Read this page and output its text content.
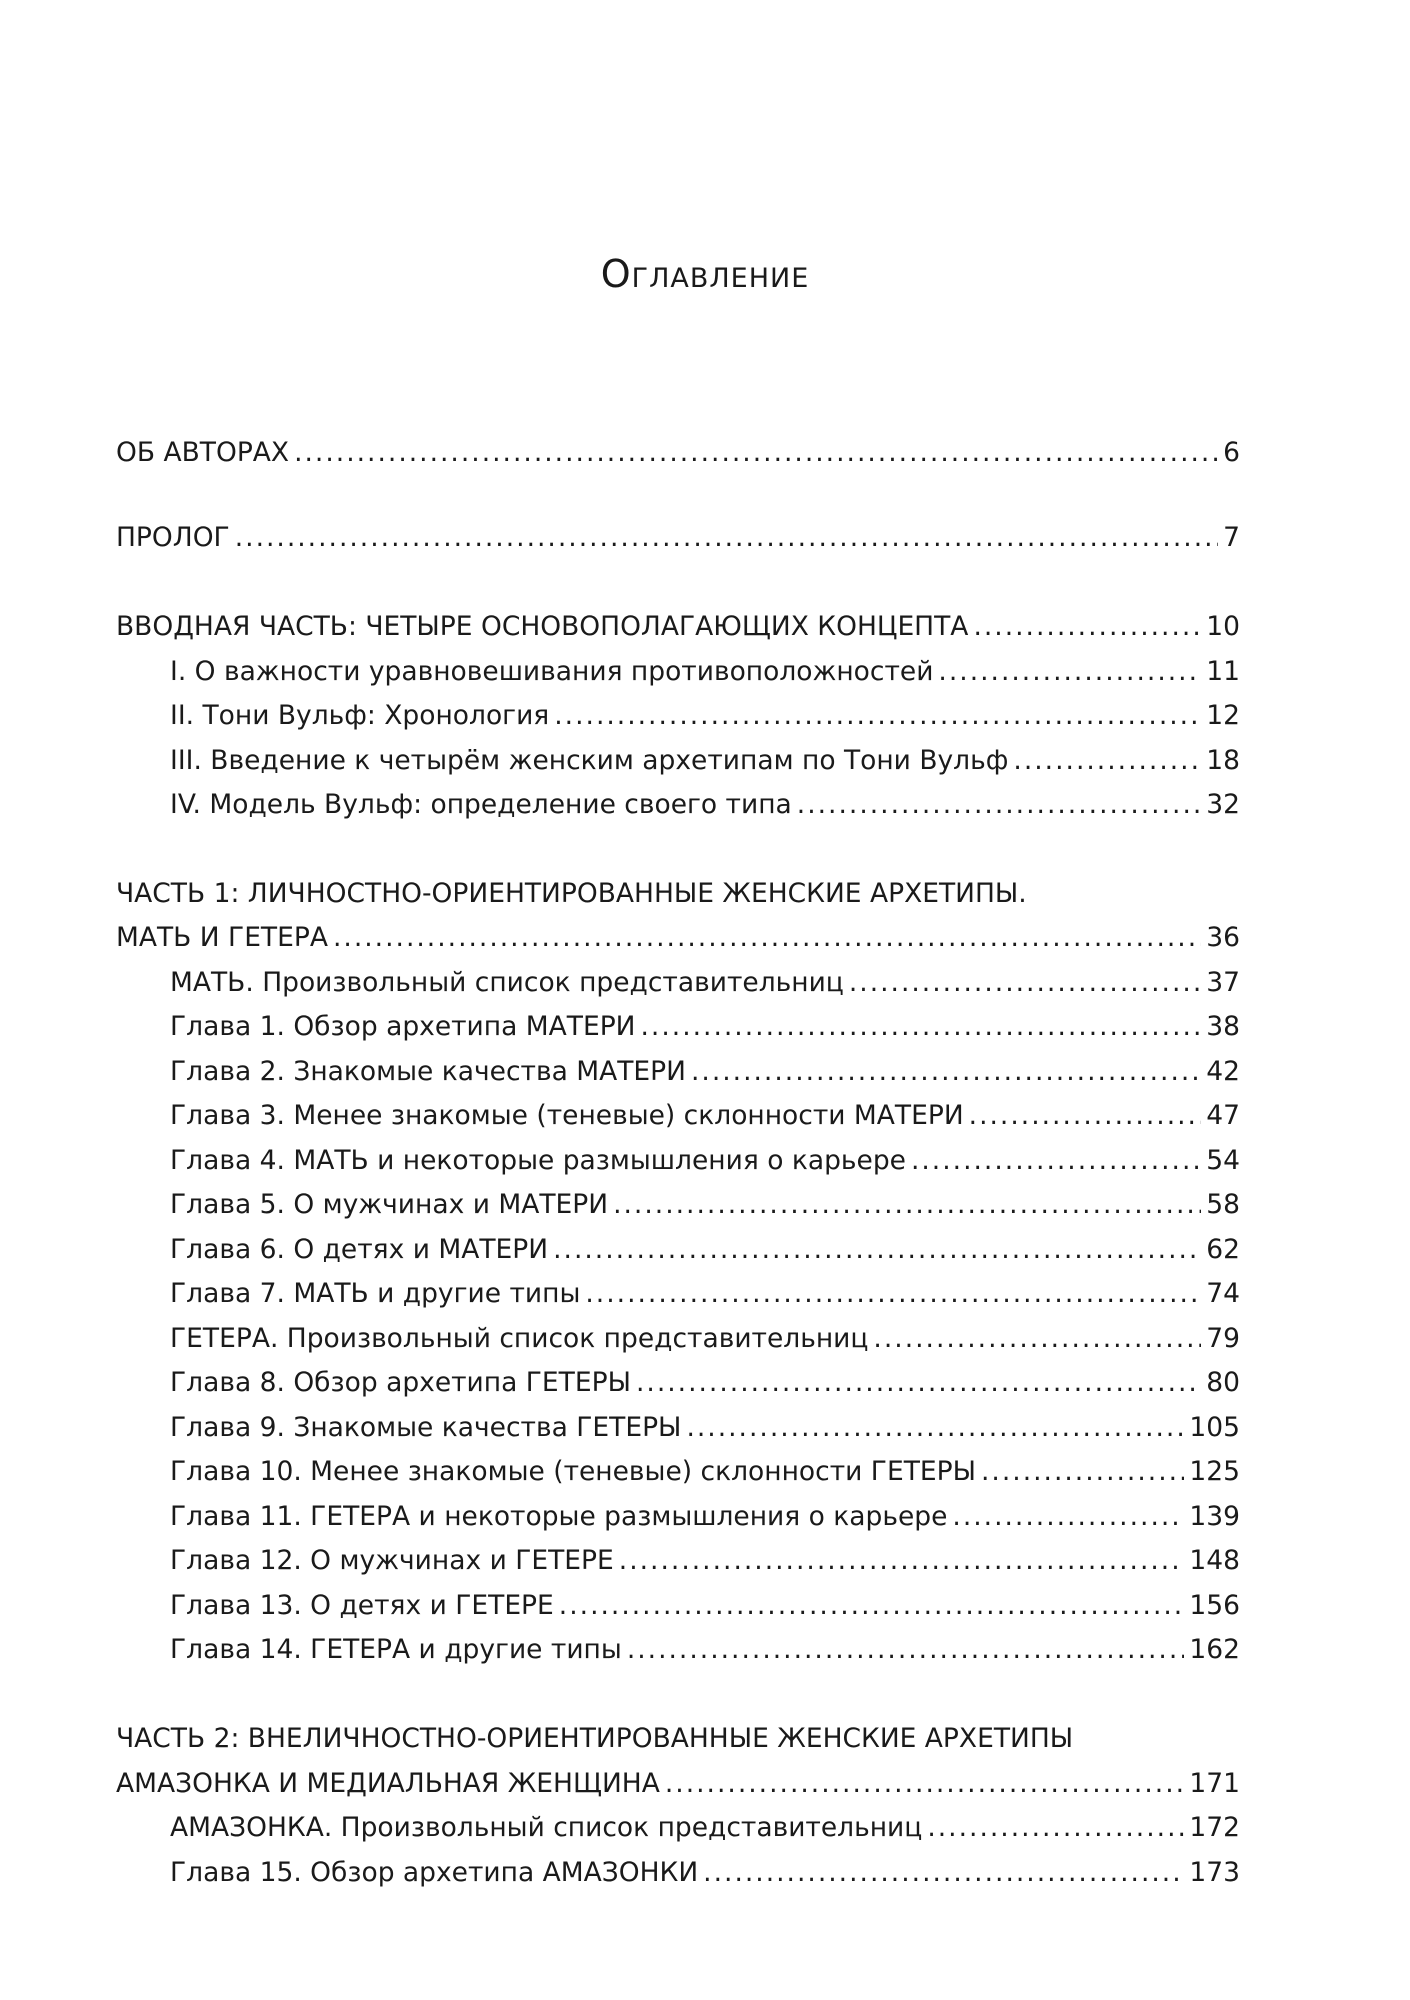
Оглавление
ОБ АВТОРАХ .....	6
ПРОЛОГ .....	7
ВВОДНАЯ ЧАСТЬ: ЧЕТЫРЕ ОСНОВОПОЛАГАЮЩИХ КОНЦЕПТА .....	10
I. О важности уравновешивания противоположностей .....	11
II. Тони Вульф: Хронология .....	12
III. Введение к четырём женским архетипам по Тони Вульф .....	18
IV. Модель Вульф: определение своего типа .....	32
ЧАСТЬ 1: ЛИЧНОСТНО-ОРИЕНТИРОВАННЫЕ ЖЕНСКИЕ АРХЕТИПЫ.
МАТЬ И ГЕТЕРА .....	36
МАТЬ. Произвольный список представительниц .....	37
Глава 1. Обзор архетипа МАТЕРИ .....	38
Глава 2. Знакомые качества МАТЕРИ .....	42
Глава 3. Менее знакомые (теневые) склонности МАТЕРИ .....	47
Глава 4. МАТЬ и некоторые размышления о карьере .....	54
Глава 5. О мужчинах и МАТЕРИ .....	58
Глава 6. О детях и МАТЕРИ .....	62
Глава 7. МАТЬ и другие типы .....	74
ГЕТЕРА. Произвольный список представительниц .....	79
Глава 8. Обзор архетипа ГЕТЕРЫ .....	80
Глава 9. Знакомые качества ГЕТЕРЫ .....	105
Глава 10. Менее знакомые (теневые) склонности ГЕТЕРЫ .....	125
Глава 11. ГЕТЕРА и некоторые размышления о карьере .....	139
Глава 12. О мужчинах и ГЕТЕРЕ .....	148
Глава 13. О детях и ГЕТЕРЕ .....	156
Глава 14. ГЕТЕРА и другие типы .....	162
ЧАСТЬ 2: ВНЕЛИЧНОСТНО-ОРИЕНТИРОВАННЫЕ ЖЕНСКИЕ АРХЕТИПЫ
АМАЗОНКА И МЕДИАЛЬНАЯ ЖЕНЩИНА .....	171
АМАЗОНКА. Произвольный список представительниц .....	172
Глава 15. Обзор архетипа АМАЗОНКИ .....	173
